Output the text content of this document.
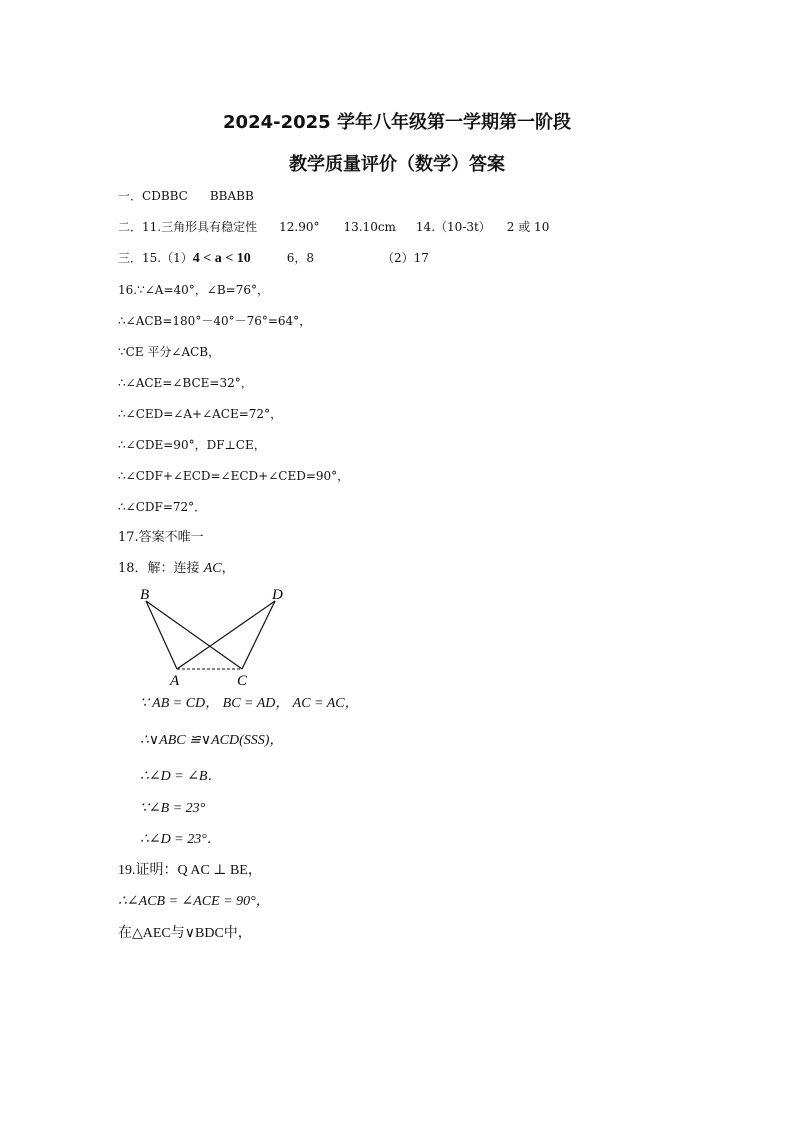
2024-2025 学年八年级第一学期第一阶段
教学质量评价（数学）答案
一．CDBBC BBABB
二．11.三角形具有稳定性 12.90° 13.10cm 14.（10-3t） 2 或 10
三．15.（1）4 < a < 10	6，8	（2）17
16.∵∠A=40°，∠B=76°，
∴∠ACB=180°－40°－76°=64°，
∵CE 平分∠ACB，
∴∠ACE=∠BCE=32°，
∴∠CED=∠A+∠ACE=72°，
∴∠CDE=90°，DF⊥CE，
∴∠CDF+∠ECD=∠ECD+∠CED=90°，
∴∠CDF=72°．
17.答案不唯一
18．解：连接 AC，
B	D
A	C
∵ AB = CD， BC = AD， AC = AC，
∴∨ABC ≌∨ACD(SSS)，
∴∠D = ∠B．
∵∠B = 23°
∴∠D = 23°．
19.证明：Q AC ⊥ BE，
∴∠ACB = ∠ACE = 90°，
在△AEC与∨BDC中，
